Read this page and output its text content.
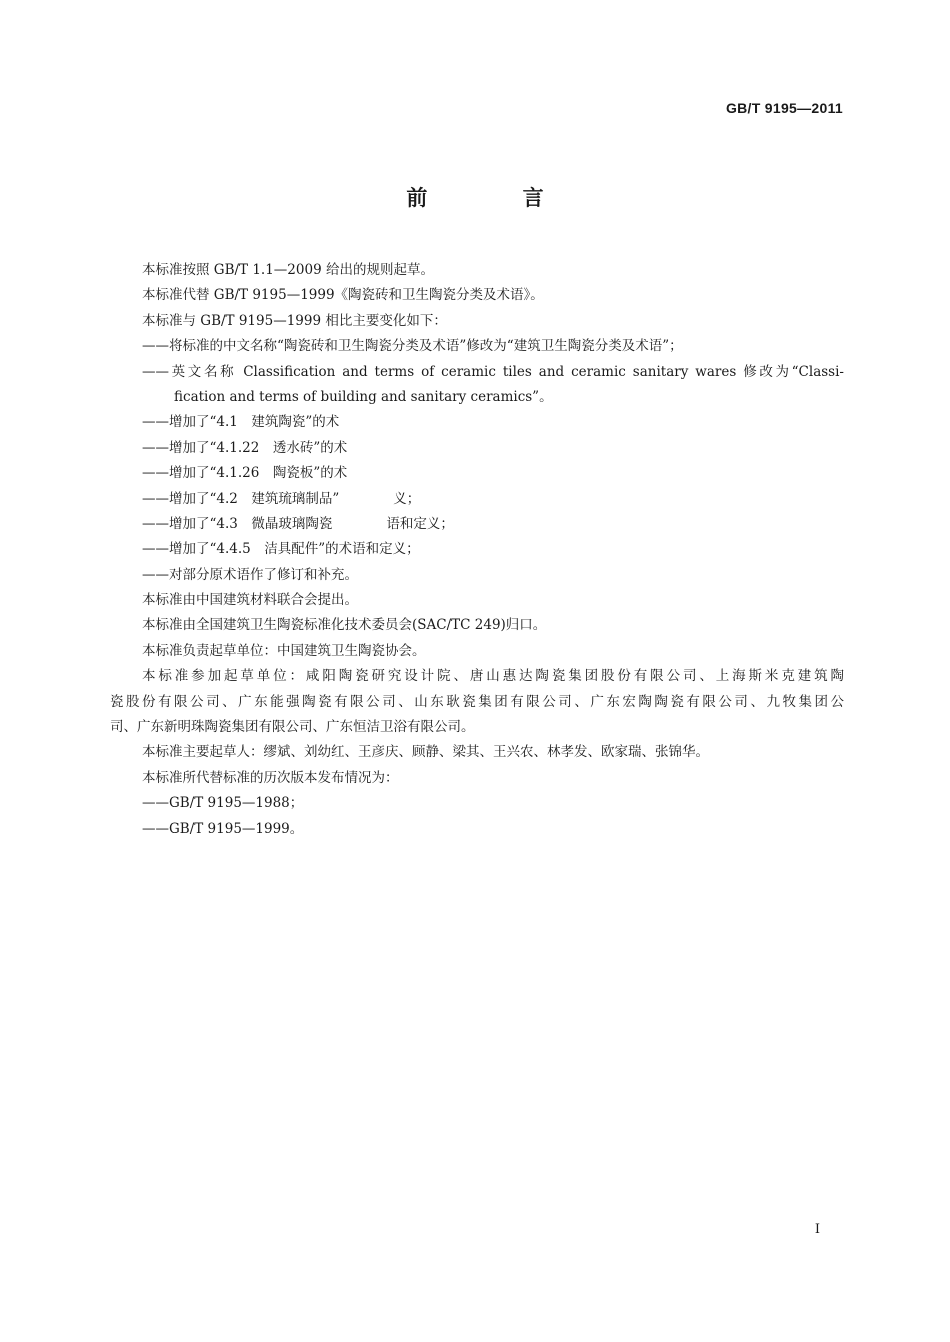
GB/T 9195—2011
前 言
本标准按照 GB/T 1.1—2009 给出的规则起草。
本标准代替 GB/T 9195—1999《陶瓷砖和卫生陶瓷分类及术语》。
本标准与 GB/T 9195—1999 相比主要变化如下：
——将标准的中文名称“陶瓷砖和卫生陶瓷分类及术语”修改为“建筑卫生陶瓷分类及术语”；
——英文名称 Classification and terms of ceramic tiles and ceramic sanitary wares 修改为“Classi-
fication and terms of building and sanitary ceramics”。
——增加了“4.1　建筑陶瓷”的术
——增加了“4.1.22　透水砖”的术
——增加了“4.1.26　陶瓷板”的术
——增加了“4.2　建筑琉璃制品”　　　　义；
——增加了“4.3　微晶玻璃陶瓷　　　　语和定义；
——增加了“4.4.5　洁具配件”的术语和定义；
——对部分原术语作了修订和补充。
本标准由中国建筑材料联合会提出。
本标准由全国建筑卫生陶瓷标准化技术委员会(SAC/TC 249)归口。
本标准负责起草单位：中国建筑卫生陶瓷协会。
本标准参加起草单位：咸阳陶瓷研究设计院、唐山惠达陶瓷集团股份有限公司、上海斯米克建筑陶
瓷股份有限公司、广东能强陶瓷有限公司、山东耿瓷集团有限公司、广东宏陶陶瓷有限公司、九牧集团公
司、广东新明珠陶瓷集团有限公司、广东恒洁卫浴有限公司。
本标准主要起草人：缪斌、刘幼红、王彦庆、顾静、梁其、王兴农、林孝发、欧家瑞、张锦华。
本标准所代替标准的历次版本发布情况为：
——GB/T 9195—1988；
——GB/T 9195—1999。
I
